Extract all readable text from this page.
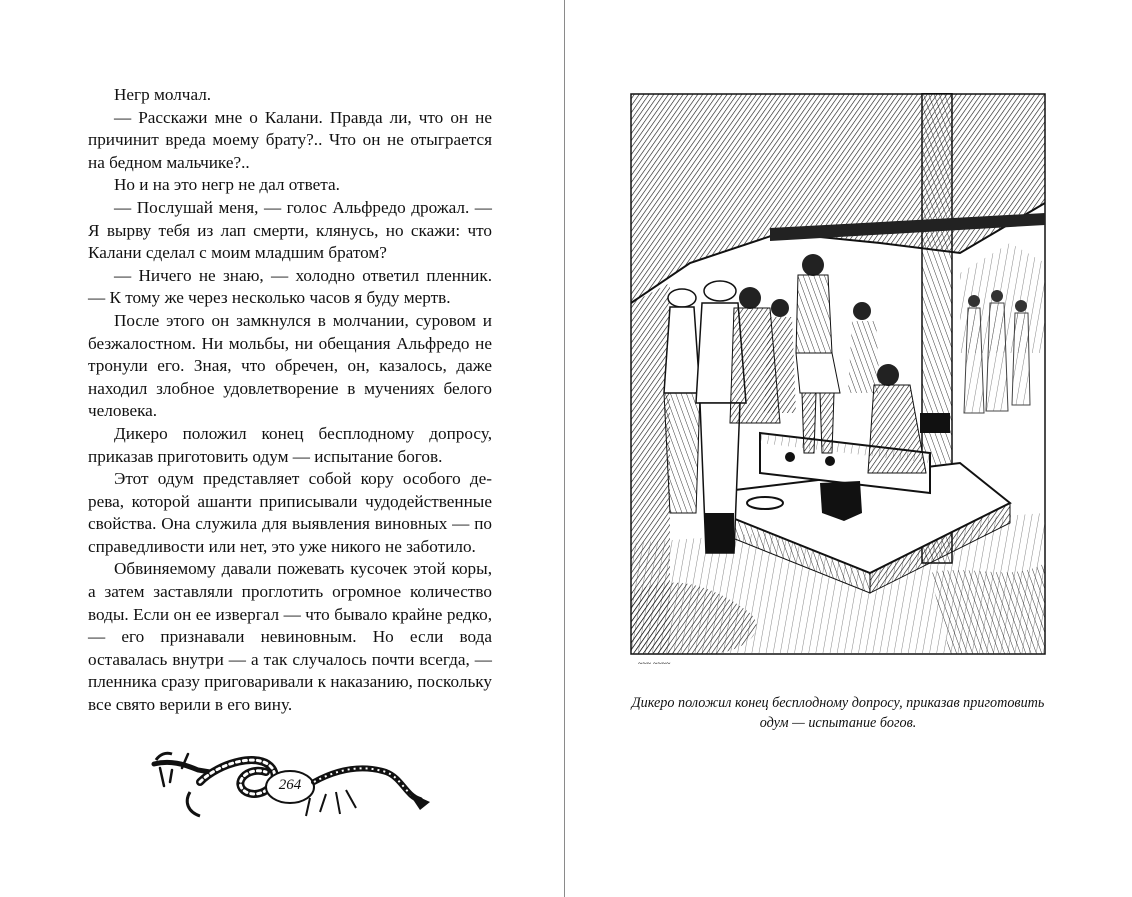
Негр молчал.

— Расскажи мне о Калани. Правда ли, что он не причинит вреда моему брату?.. Что он не отыграется на бедном мальчике?..

Но и на это негр не дал ответа.

— Послушай меня, — голос Альфредо дрожал. — Я вырву тебя из лап смерти, клянусь, но скажи: что Калани сделал с моим младшим братом?

— Ничего не знаю, — холодно ответил пленник. — К тому же через несколько часов я буду мертв.

После этого он замкнулся в молчании, суровом и безжалостном. Ни мольбы, ни обещания Альфредо не тронули его. Зная, что обречен, он, казалось, даже находил злобное удовлетворение в мучениях белого человека.

Дикеро положил конец бесплодному допросу, приказав приготовить одум — испытание богов.

Этот одум представляет собой кору особого дерева, которой ашанти приписывали чудодейственные свойства. Она служила для выявления виновных — по справедливости или нет, это уже никого не заботило.

Обвиняемому давали пожевать кусочек этой коры, а затем заставляли проглотить огромное количество воды. Если он ее извергал — что бывало крайне редко, — его признавали невиновным. Но если вода оставалась внутри — а так случалось почти всегда, — пленника сразу приговаривали к наказанию, поскольку все свято верили в его вину.

264
~~~ ~~~~

Дикеро положил конец бесплодному допросу, приказав приготовить одум — испытание богов.
